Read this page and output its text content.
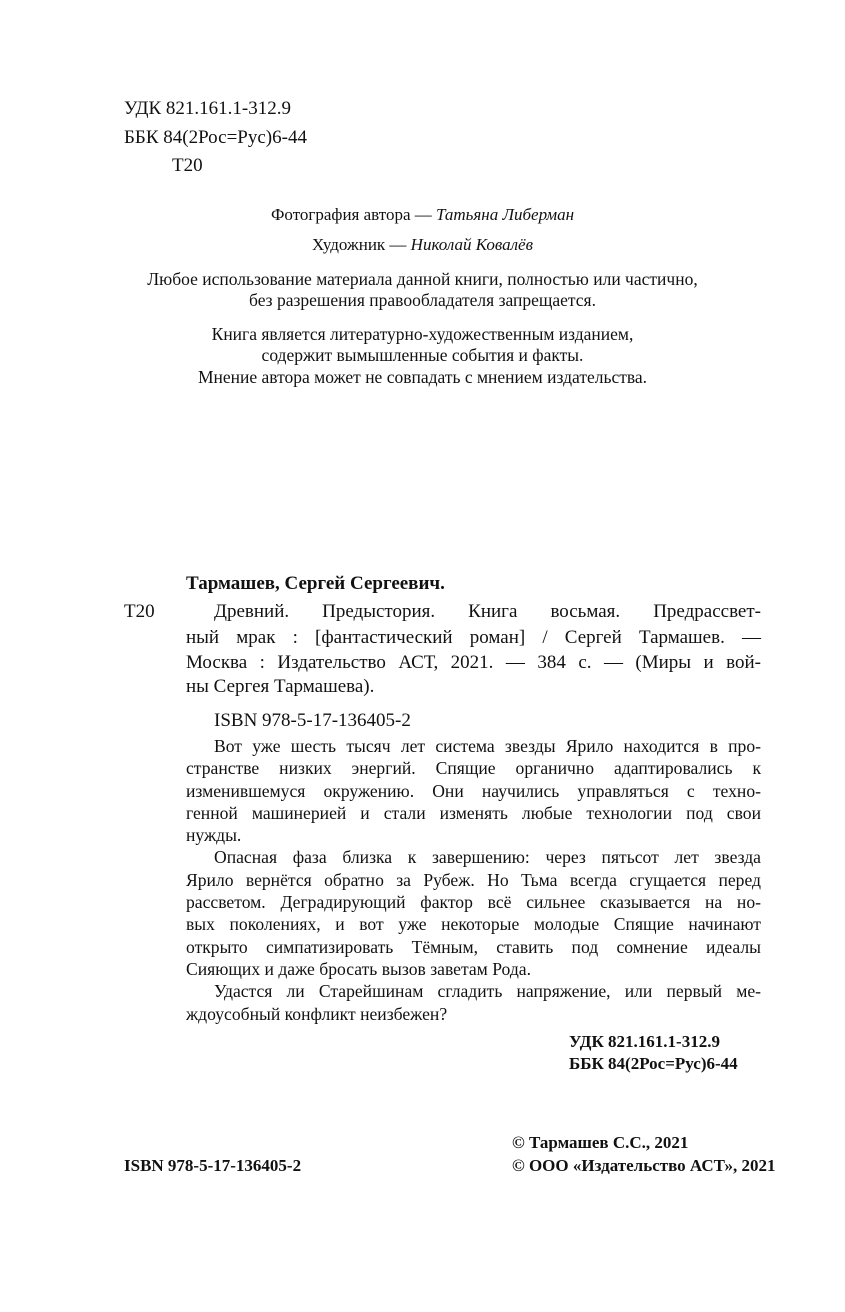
УДК 821.161.1-312.9
ББК 84(2Рос=Рус)6-44
Т20
Фотография автора — Татьяна Либерман
Художник — Николай Ковалёв
Любое использование материала данной книги, полностью или частично,
без разрешения правообладателя запрещается.
Книга является литературно-художественным изданием,
содержит вымышленные события и факты.
Мнение автора может не совпадать с мнением издательства.
Тармашев, Сергей Сергеевич.
Т20	Древний. Предыстория. Книга восьмая. Предрассвет-
ный мрак : [фантастический роман] / Сергей Тармашев. —
Москва : Издательство АСТ, 2021. — 384 с. — (Миры и вой-
ны Сергея Тармашева).
ISBN 978-5-17-136405-2
Вот уже шесть тысяч лет система звезды Ярило находится в про-
странстве низких энергий. Спящие органично адаптировались к
изменившемуся окружению. Они научились управляться с техно-
генной машинерией и стали изменять любые технологии под свои
нужды.
Опасная фаза близка к завершению: через пятьсот лет звезда
Ярило вернётся обратно за Рубеж. Но Тьма всегда сгущается перед
рассветом. Деградирующий фактор всё сильнее сказывается на но-
вых поколениях, и вот уже некоторые молодые Спящие начинают
открыто симпатизировать Тёмным, ставить под сомнение идеалы
Сияющих и даже бросать вызов заветам Рода.
Удастся ли Старейшинам сгладить напряжение, или первый ме-
ждоусобный конфликт неизбежен?
УДК 821.161.1-312.9
ББК 84(2Рос=Рус)6-44
ISBN 978-5-17-136405-2
© Тармашев С.С., 2021
© ООО «Издательство АСТ», 2021
